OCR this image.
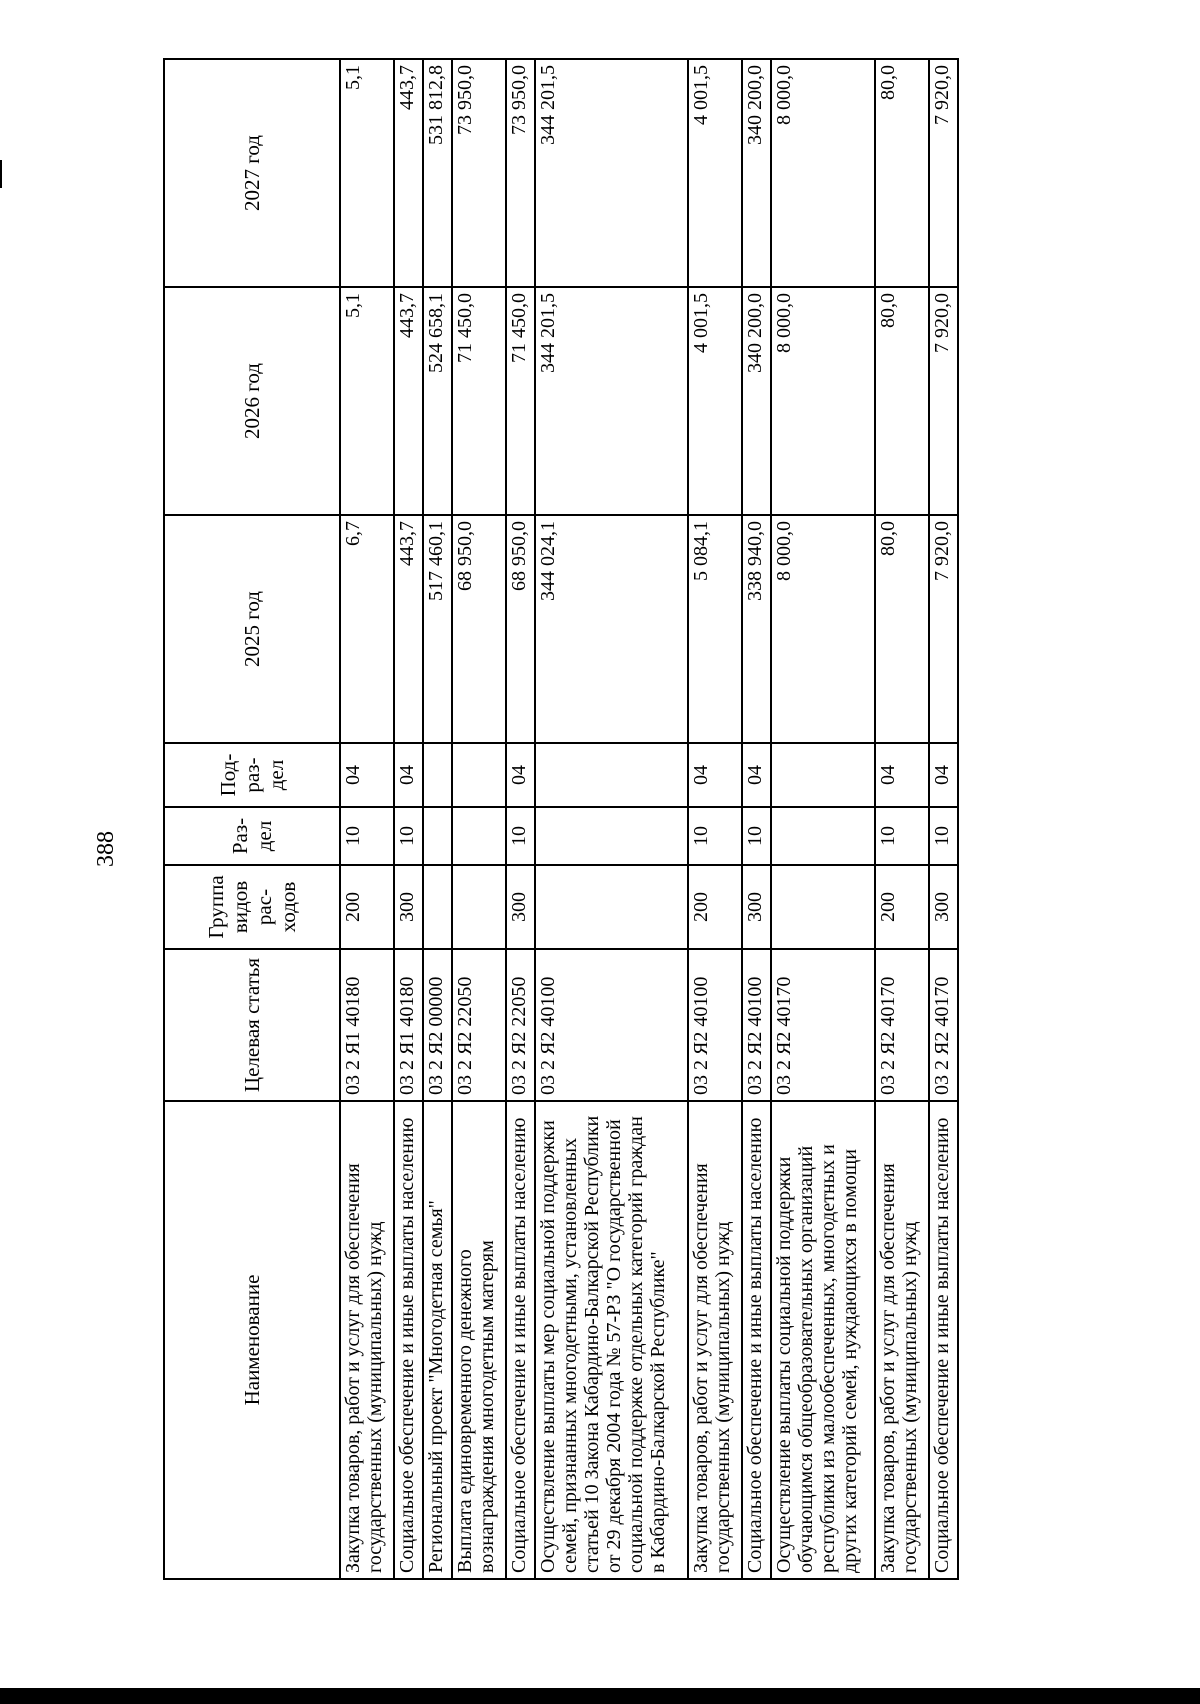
388
Наименование	Целевая статья	Группа видов рас-ходов	Раз-дел	Под-раз-дел	2025 год	2026 год	2027 год
Закупка товаров, работ и услуг для обеспечения государственных (муниципальных) нужд	03 2 Я1 40180	200	10	04	6,7	5,1	5,1
Социальное обеспечение и иные выплаты населению	03 2 Я1 40180	300	10	04	443,7	443,7	443,7
Региональный проект "Многодетная семья"	03 2 Я2 00000				517 460,1	524 658,1	531 812,8
Выплата единовременного денежного вознаграждения многодетным матерям	03 2 Я2 22050				68 950,0	71 450,0	73 950,0
Социальное обеспечение и иные выплаты населению	03 2 Я2 22050	300	10	04	68 950,0	71 450,0	73 950,0
Осуществление выплаты мер социальной поддержки семей, признанных многодетными, установленных статьей 10 Закона Кабардино-Балкарской Республики от 29 декабря 2004 года № 57-РЗ "О государственной социальной поддержке отдельных категорий граждан в Кабардино-Балкарской Республике"	03 2 Я2 40100				344 024,1	344 201,5	344 201,5
Закупка товаров, работ и услуг для обеспечения государственных (муниципальных) нужд	03 2 Я2 40100	200	10	04	5 084,1	4 001,5	4 001,5
Социальное обеспечение и иные выплаты населению	03 2 Я2 40100	300	10	04	338 940,0	340 200,0	340 200,0
Осуществление выплаты социальной поддержки обучающимся общеобразовательных организаций республики из малообеспеченных, многодетных и других категорий семей, нуждающихся в помощи	03 2 Я2 40170				8 000,0	8 000,0	8 000,0
Закупка товаров, работ и услуг для обеспечения государственных (муниципальных) нужд	03 2 Я2 40170	200	10	04	80,0	80,0	80,0
Социальное обеспечение и иные выплаты населению	03 2 Я2 40170	300	10	04	7 920,0	7 920,0	7 920,0
